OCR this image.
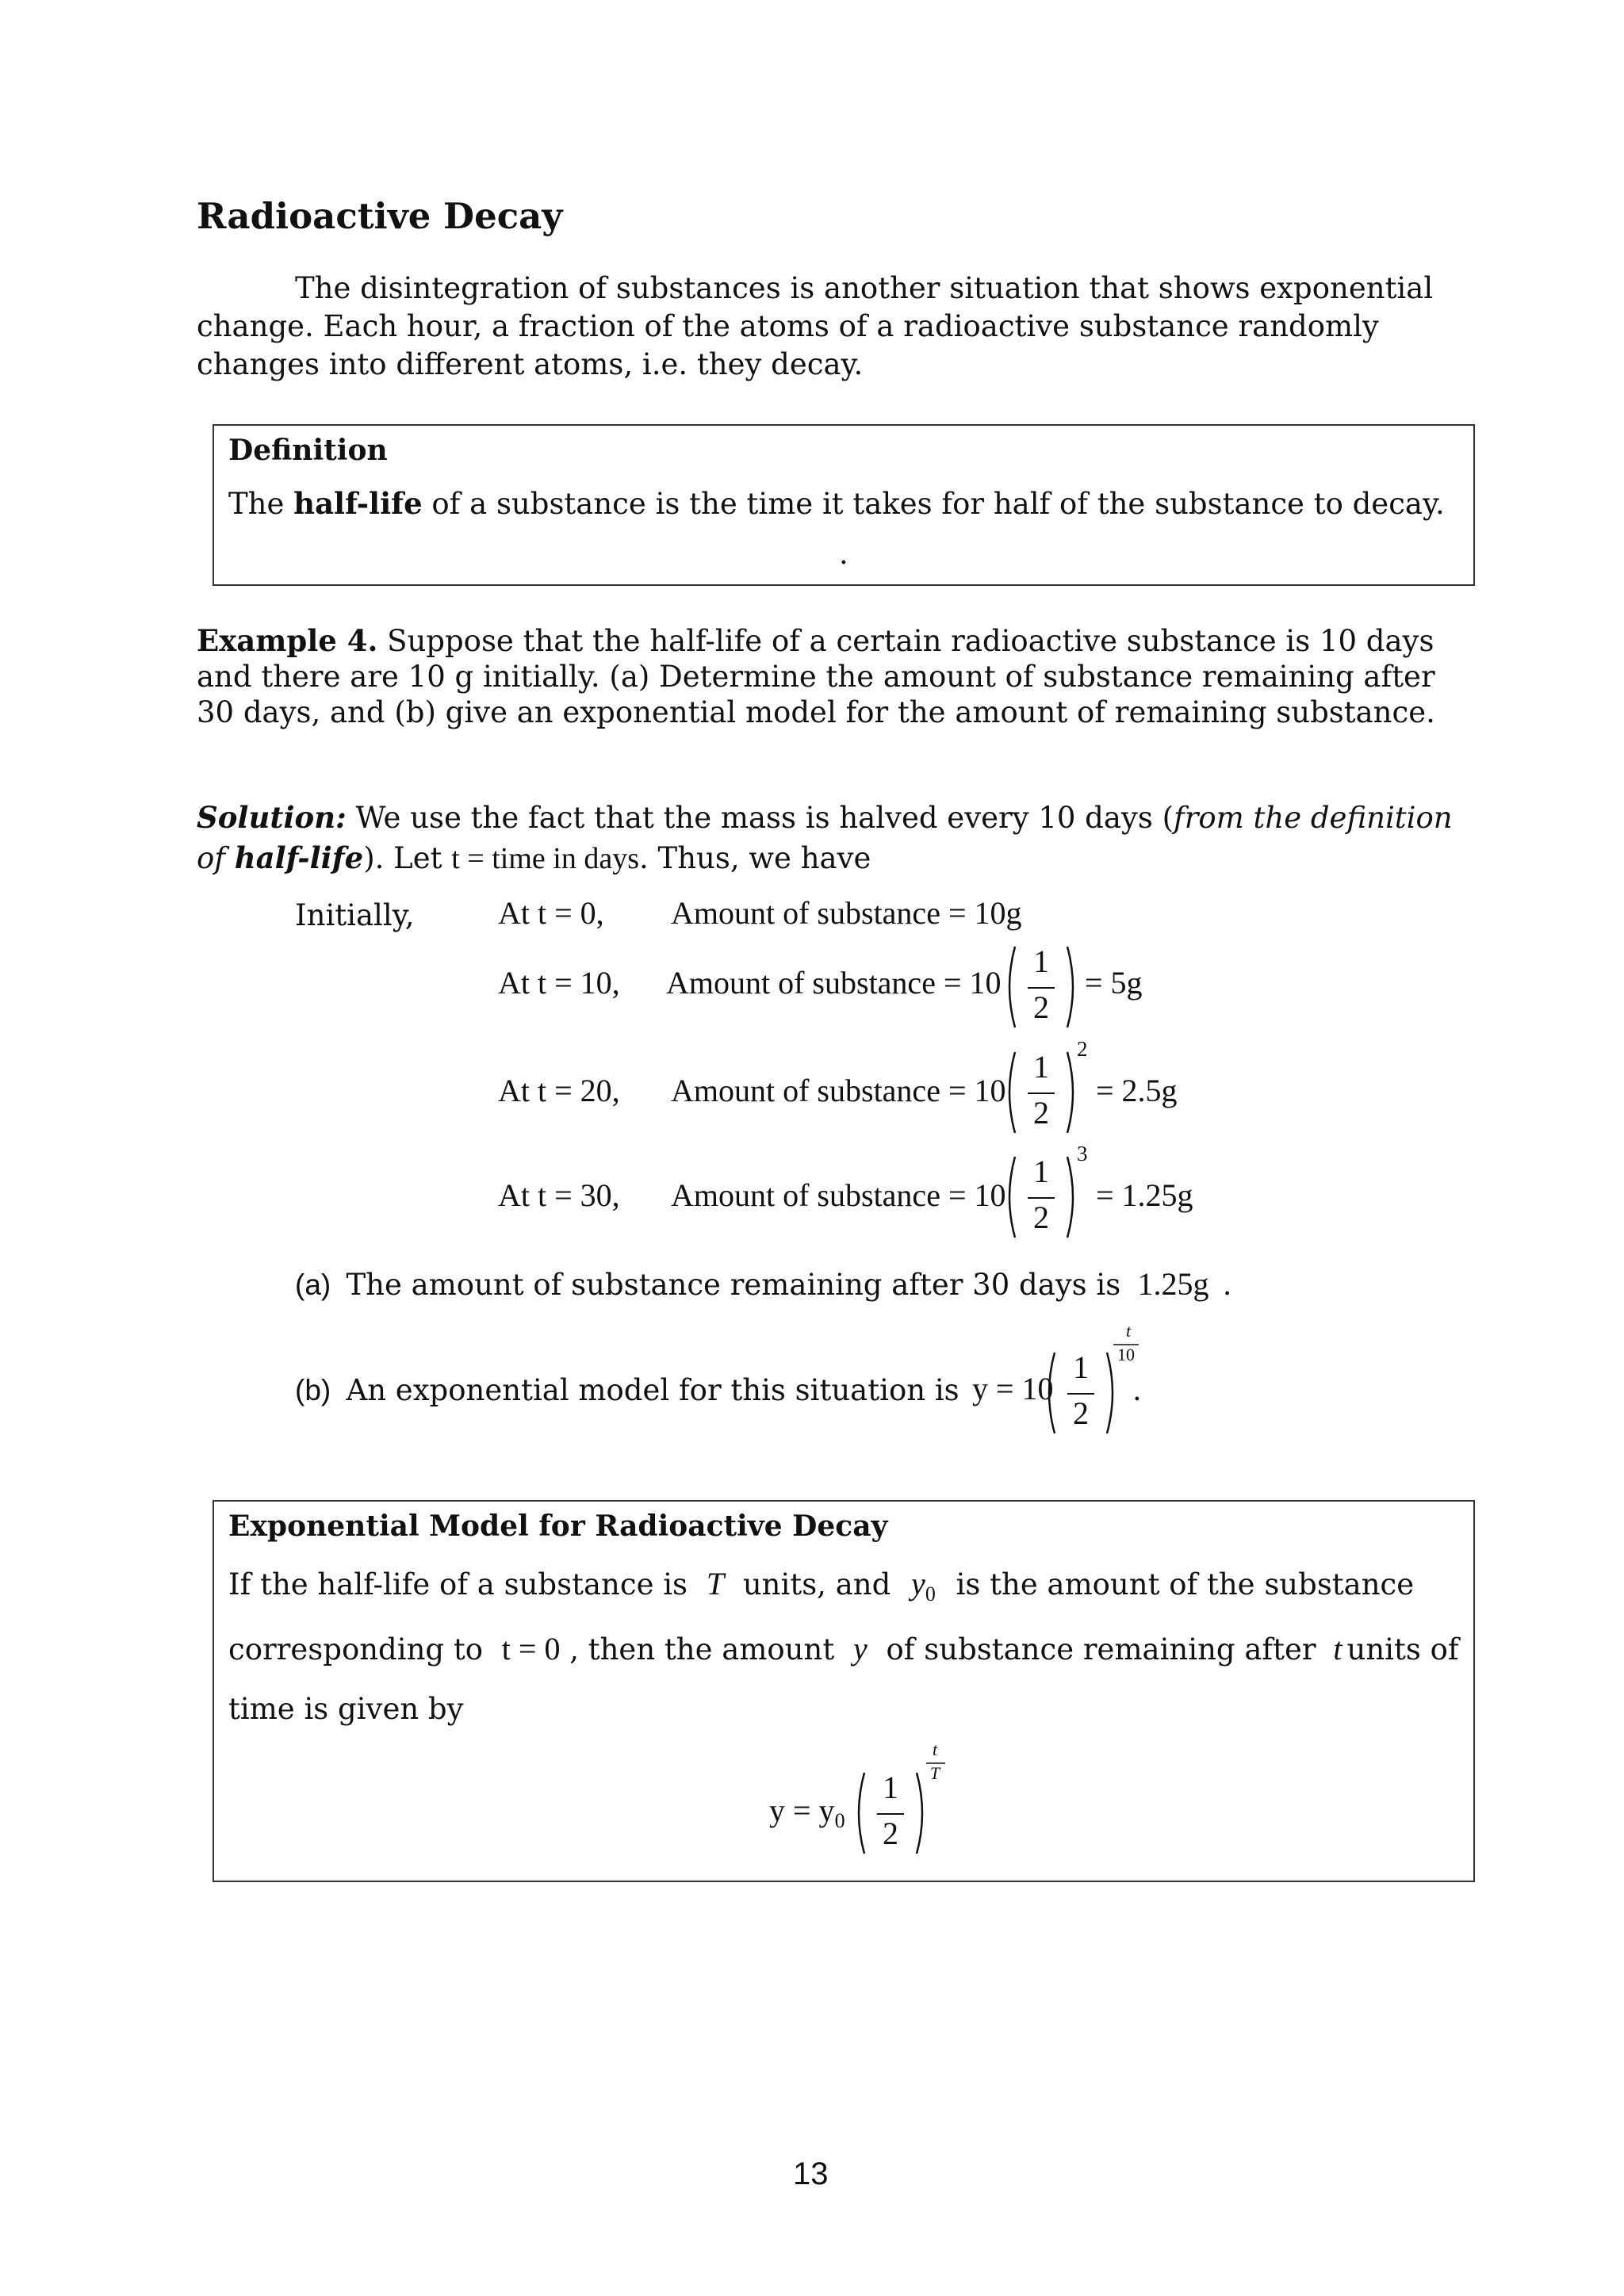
Radioactive Decay
The disintegration of substances is another situation that shows exponential
change. Each hour, a fraction of the atoms of a radioactive substance randomly
changes into different atoms, i.e. they decay.
Definition
The half-life of a substance is the time it takes for half of the substance to decay.
.
Example 4. Suppose that the half-life of a certain radioactive substance is 10 days
and there are 10 g initially. (a) Determine the amount of substance remaining after
30 days, and (b) give an exponential model for the amount of remaining substance.
Solution: We use the fact that the mass is halved every 10 days (from the definition
of half-life). Let t = time in days. Thus, we have
Initially,	At t = 0, Amount of substance = 10g
At t = 10, Amount of substance = 10
1
2
= 5g
At t = 20, Amount of substance = 10
1
2
2
= 2.5g
At t = 30, Amount of substance = 10
1
2
3
= 1.25g
(a) The amount of substance remaining after 30 days is 1.25g .
(b) An exponential model for this situation is y = 10
1
2
t
10
.
Exponential Model for Radioactive Decay
If the half-life of a substance is T units, and $y_0$ is the amount of the substance
corresponding to t = 0 , then the amount y of substance remaining after t units of
time is given by
$y = y_0$
1
2
t
T
13
